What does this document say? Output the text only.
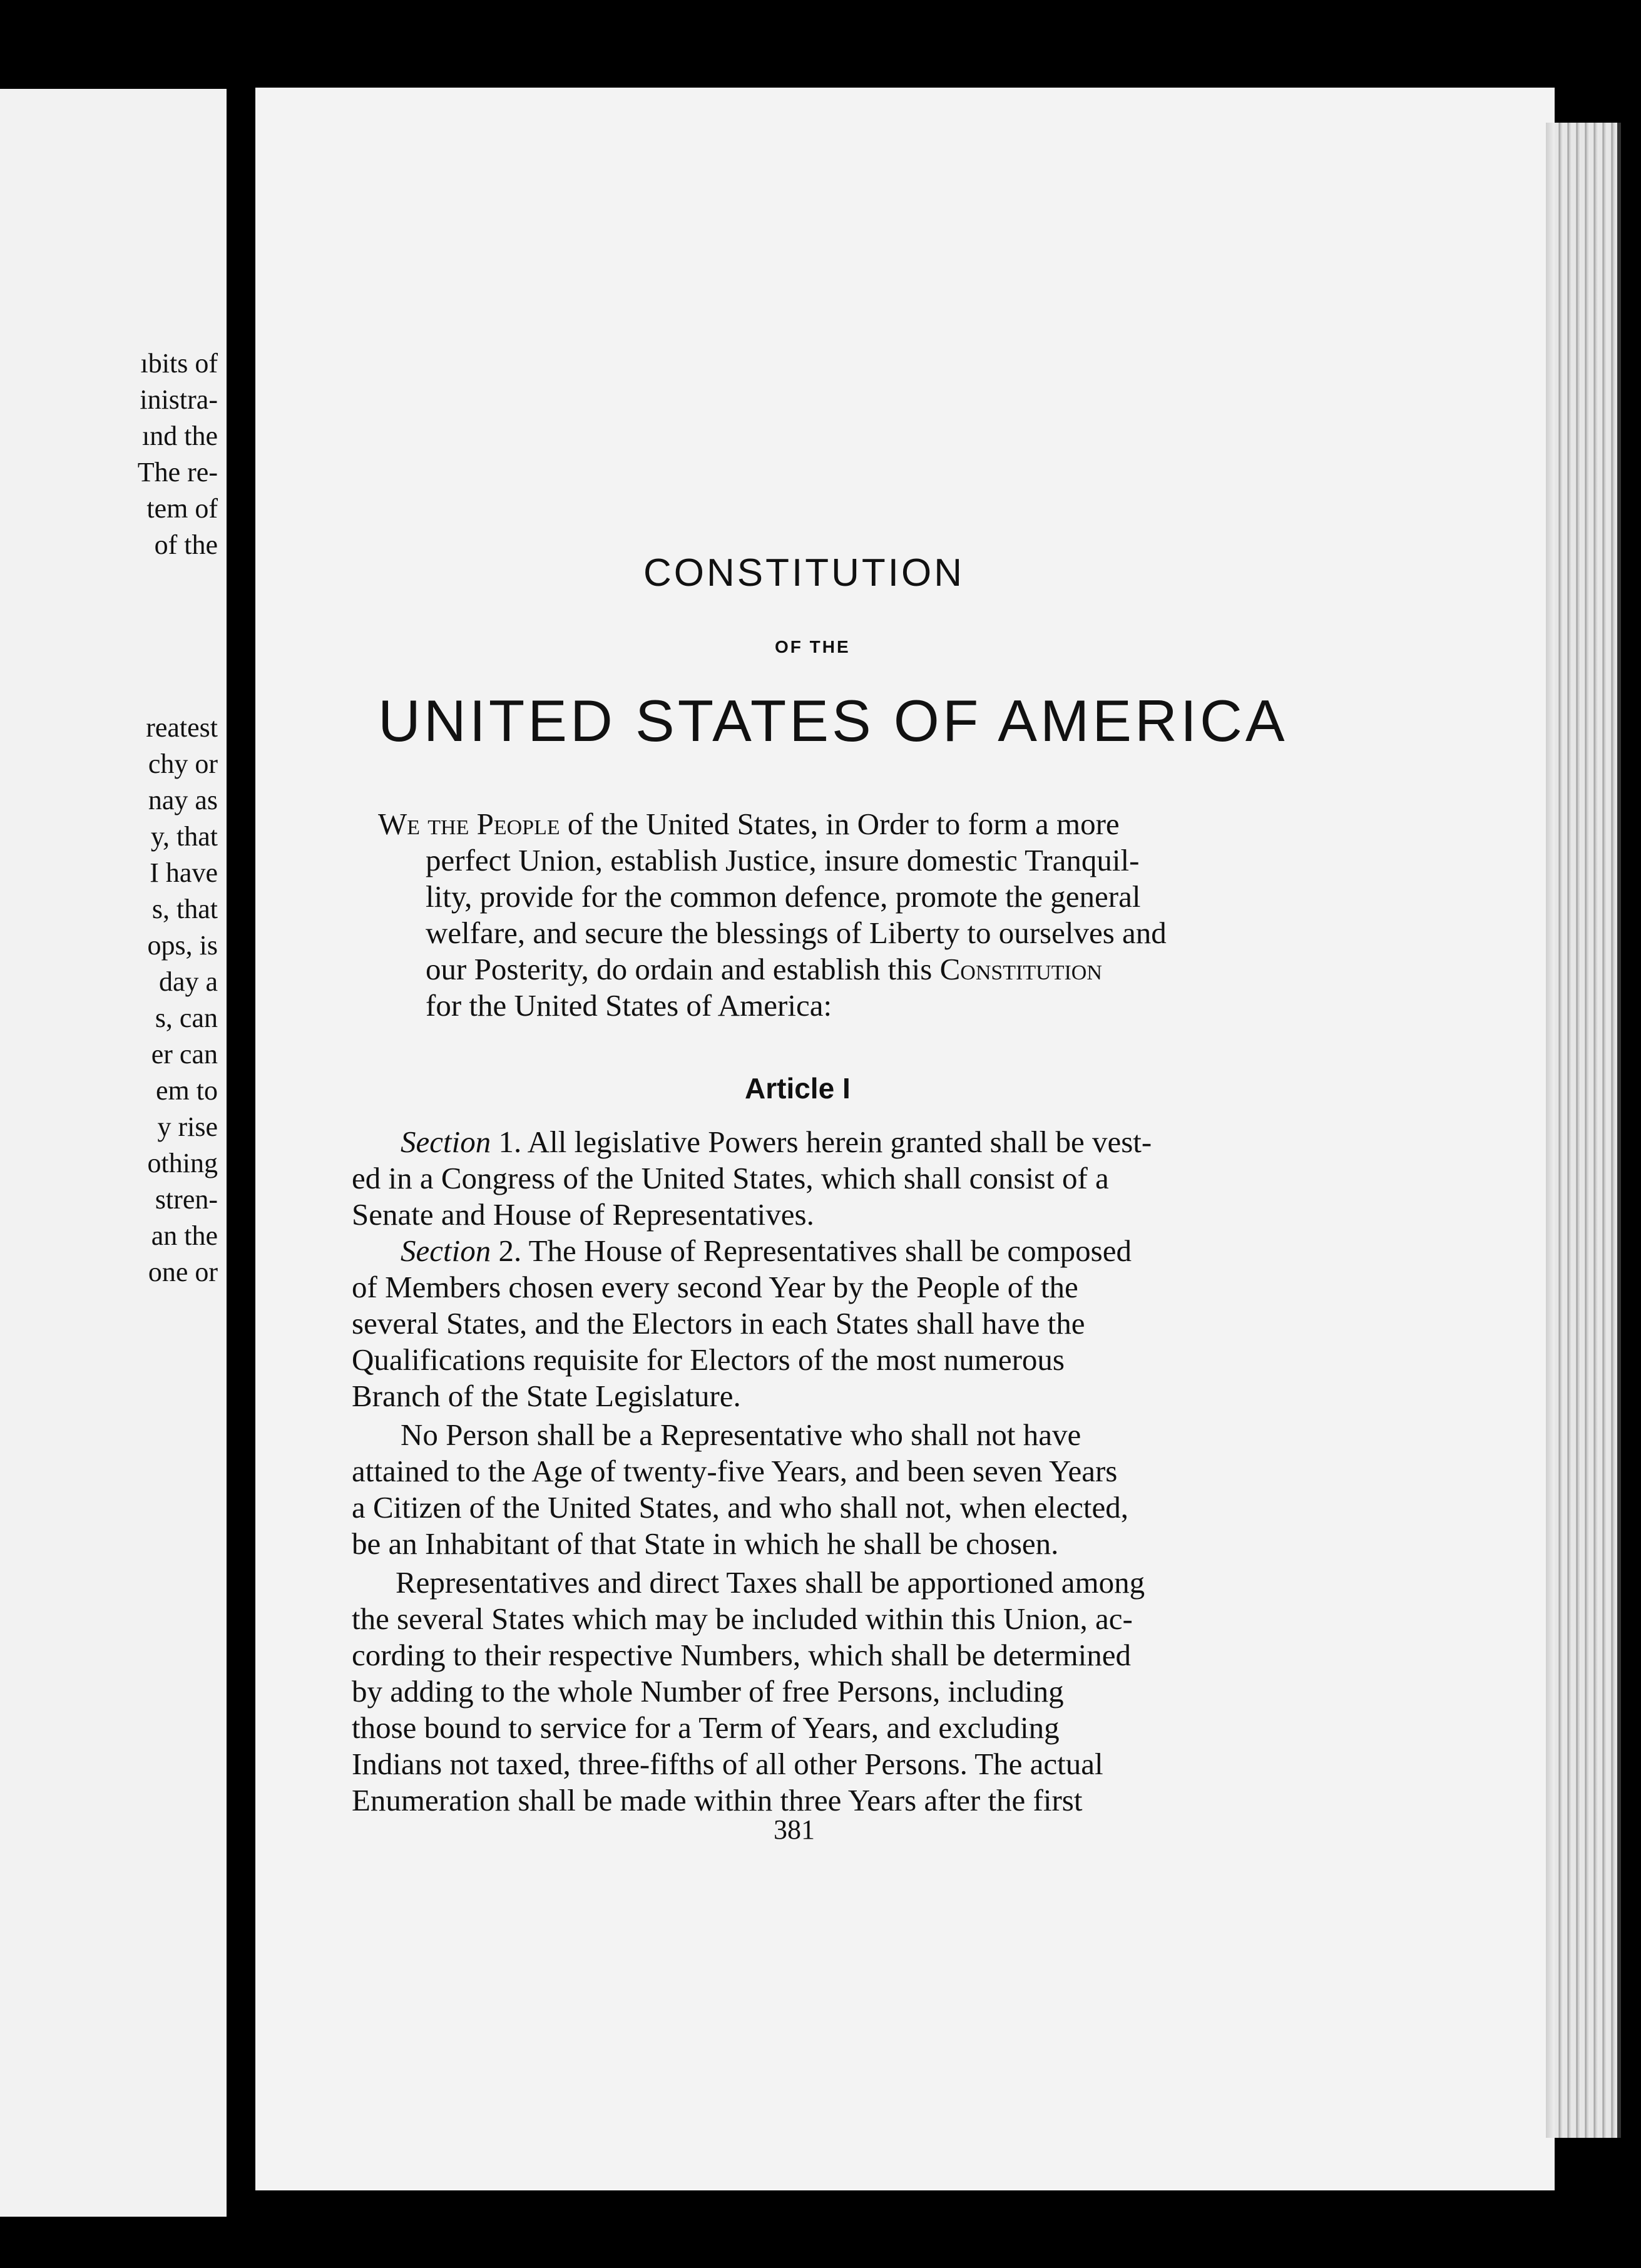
ıbits of
inistra-
ınd the
The re-
tem of
of the
reatest
chy or
nay as
y, that
I have
s, that
ops, is
day a
s, can
er can
em to
y rise
othing
stren-
an the
one or
CONSTITUTION
OF THE
UNITED STATES OF AMERICA
We the People of the United States, in Order to form a more
perfect Union, establish Justice, insure domestic Tranquil-
lity, provide for the common defence, promote the general
welfare, and secure the blessings of Liberty to ourselves and
our Posterity, do ordain and establish this Constitution
for the United States of America:
Article I
Section 1. All legislative Powers herein granted shall be vest-
ed in a Congress of the United States, which shall consist of a
Senate and House of Representatives.
Section 2. The House of Representatives shall be composed
of Members chosen every second Year by the People of the
several States, and the Electors in each States shall have the
Qualifications requisite for Electors of the most numerous
Branch of the State Legislature.
No Person shall be a Representative who shall not have
attained to the Age of twenty-five Years, and been seven Years
a Citizen of the United States, and who shall not, when elected,
be an Inhabitant of that State in which he shall be chosen.
Representatives and direct Taxes shall be apportioned among
the several States which may be included within this Union, ac-
cording to their respective Numbers, which shall be determined
by adding to the whole Number of free Persons, including
those bound to service for a Term of Years, and excluding
Indians not taxed, three-fifths of all other Persons. The actual
Enumeration shall be made within three Years after the first
381
